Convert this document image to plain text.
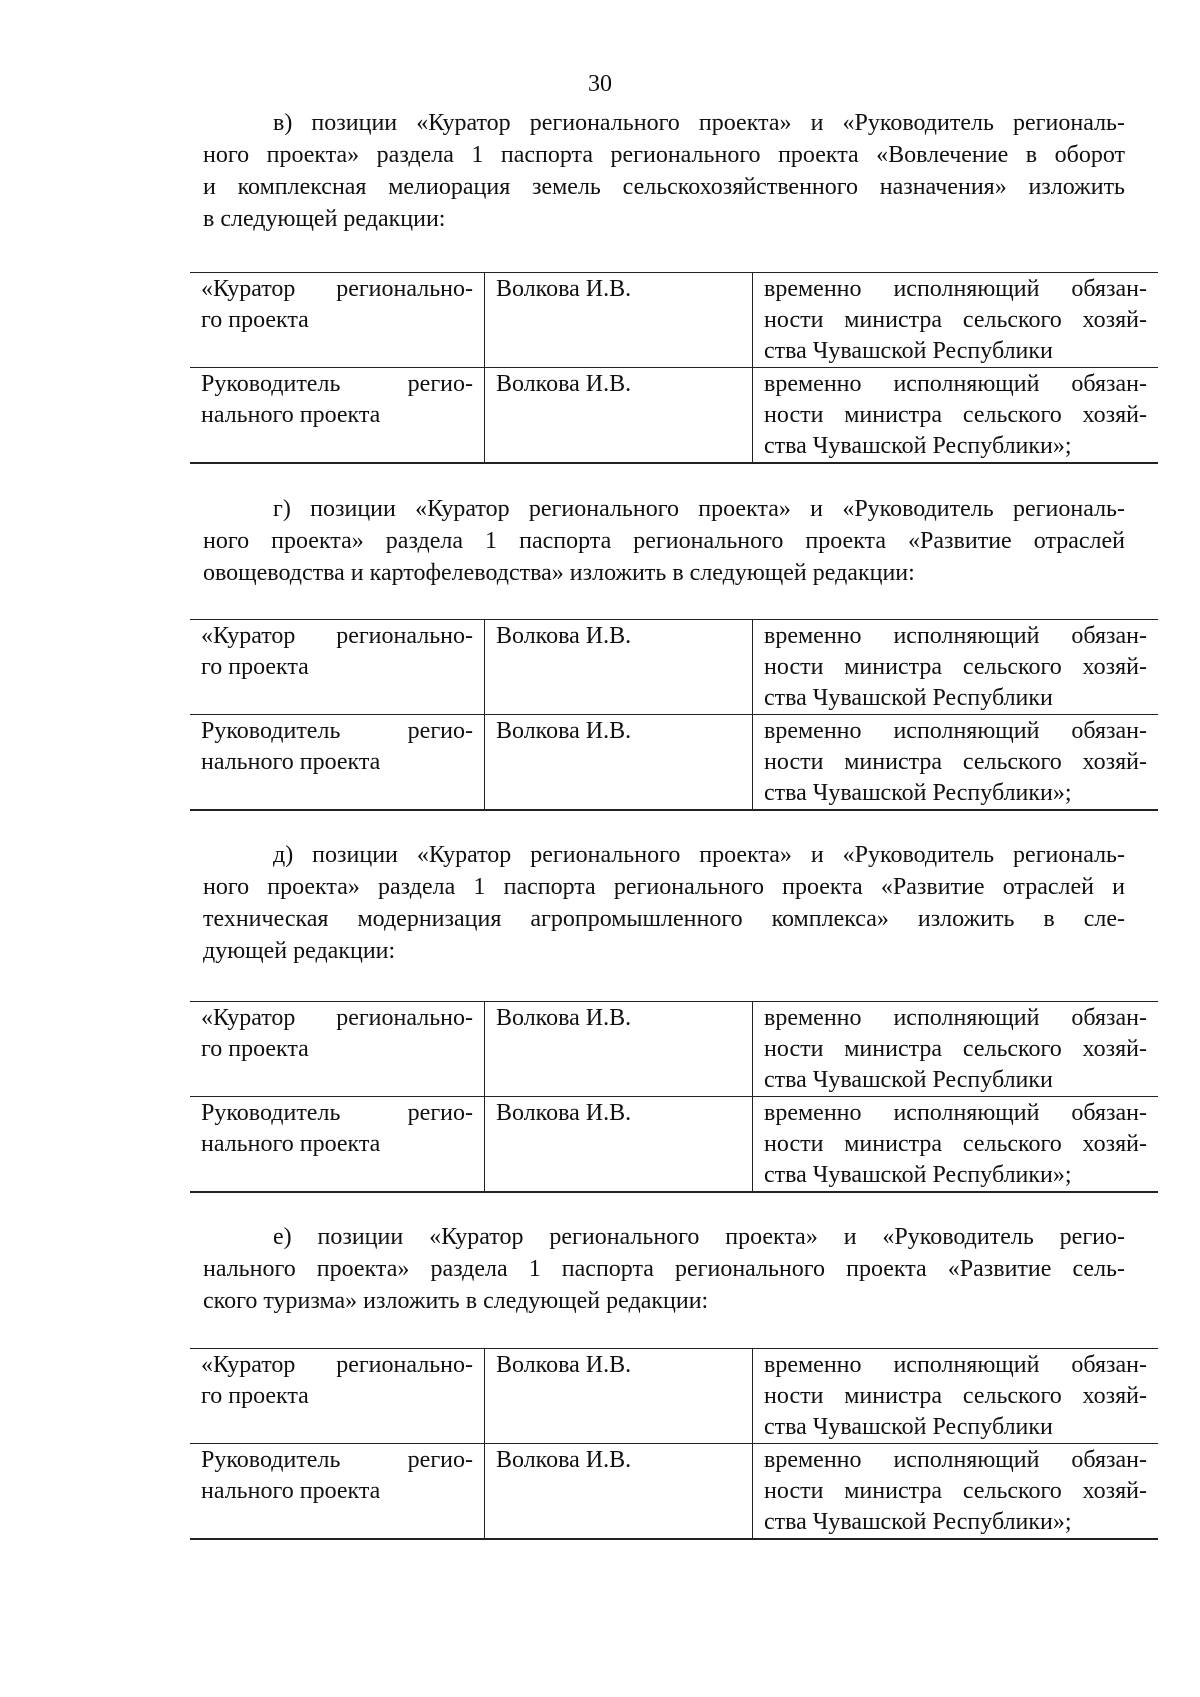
30
в) позиции «Куратор регионального проекта» и «Руководитель региональ-
ного проекта» раздела 1 паспорта регионального проекта «Вовлечение в оборот
и комплексная мелиорация земель сельскохозяйственного назначения» изложить
в следующей редакции:
«Куратор регионально-
го проекта	Волкова И.В.	временно исполняющий обязан-
ности министра сельского хозяй-
ства Чувашской Республики

Руководитель регио-
нального проекта	Волкова И.В.	временно исполняющий обязан-
ности министра сельского хозяй-
ства Чувашской Республики»;
г) позиции «Куратор регионального проекта» и «Руководитель региональ-
ного проекта» раздела 1 паспорта регионального проекта «Развитие отраслей
овощеводства и картофелеводства» изложить в следующей редакции:
«Куратор регионально-
го проекта	Волкова И.В.	временно исполняющий обязан-
ности министра сельского хозяй-
ства Чувашской Республики

Руководитель регио-
нального проекта	Волкова И.В.	временно исполняющий обязан-
ности министра сельского хозяй-
ства Чувашской Республики»;
д) позиции «Куратор регионального проекта» и «Руководитель региональ-
ного проекта» раздела 1 паспорта регионального проекта «Развитие отраслей и
техническая модернизация агропромышленного комплекса» изложить в сле-
дующей редакции:
«Куратор регионально-
го проекта	Волкова И.В.	временно исполняющий обязан-
ности министра сельского хозяй-
ства Чувашской Республики

Руководитель регио-
нального проекта	Волкова И.В.	временно исполняющий обязан-
ности министра сельского хозяй-
ства Чувашской Республики»;
е) позиции «Куратор регионального проекта» и «Руководитель регио-
нального проекта» раздела 1 паспорта регионального проекта «Развитие сель-
ского туризма» изложить в следующей редакции:
«Куратор регионально-
го проекта	Волкова И.В.	временно исполняющий обязан-
ности министра сельского хозяй-
ства Чувашской Республики

Руководитель регио-
нального проекта	Волкова И.В.	временно исполняющий обязан-
ности министра сельского хозяй-
ства Чувашской Республики»;
